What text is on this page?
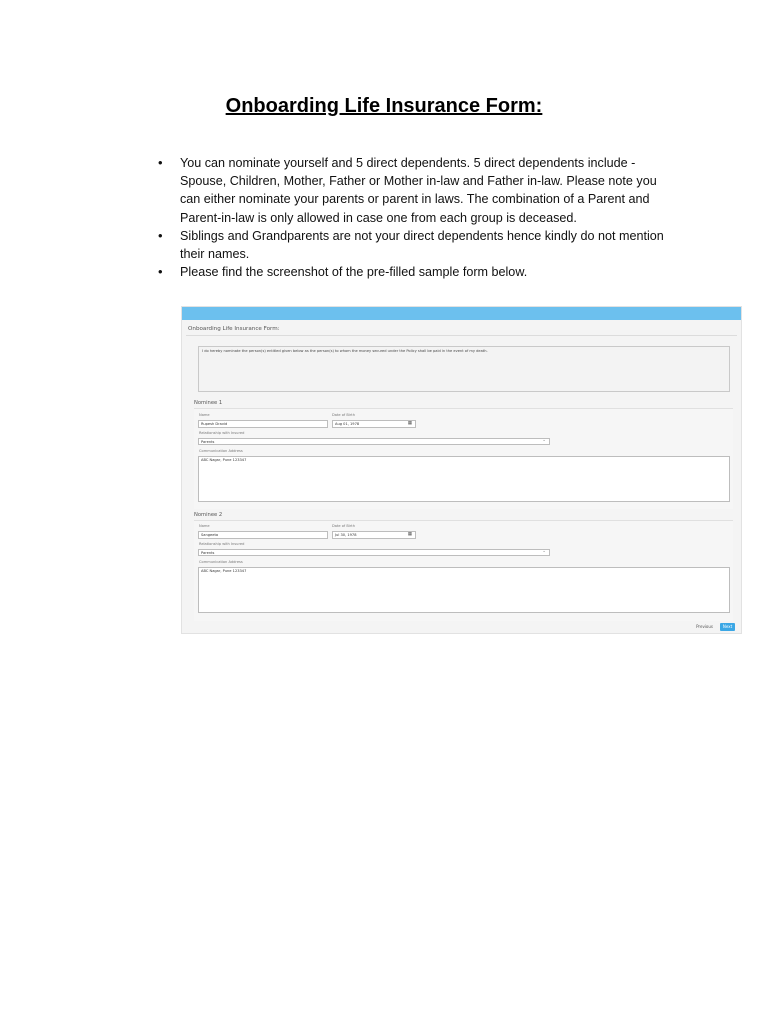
Onboarding Life Insurance Form:
• You can nominate yourself and 5 direct dependents. 5 direct dependents include - Spouse, Children, Mother, Father or Mother in-law and Father in-law. Please note you can either nominate your parents or parent in laws. The combination of a Parent and Parent-in-law is only allowed in case one from each group is deceased.
• Siblings and Grandparents are not your direct dependents hence kindly do not mention their names.
• Please find the screenshot of the pre-filled sample form below.
Onboarding Life Insurance Form:
I do hereby nominate the person(s) entitled given below as the person(s) to whom the money secured under the Policy shall be paid in the event of my death.
Nominee 1
Name	Date of Birth
Rupesh Dravid	Aug 01, 1978	▦
Relationship with Insured
Parents	⌄
Communication Address
ABC Nagar, Pune 123347
Nominee 2
Name	Date of Birth
Sangeeta	Jul 30, 1978	▦
Relationship with Insured
Parents	⌄
Communication Address
ABC Nagar, Pune 123347
Previous	Next
